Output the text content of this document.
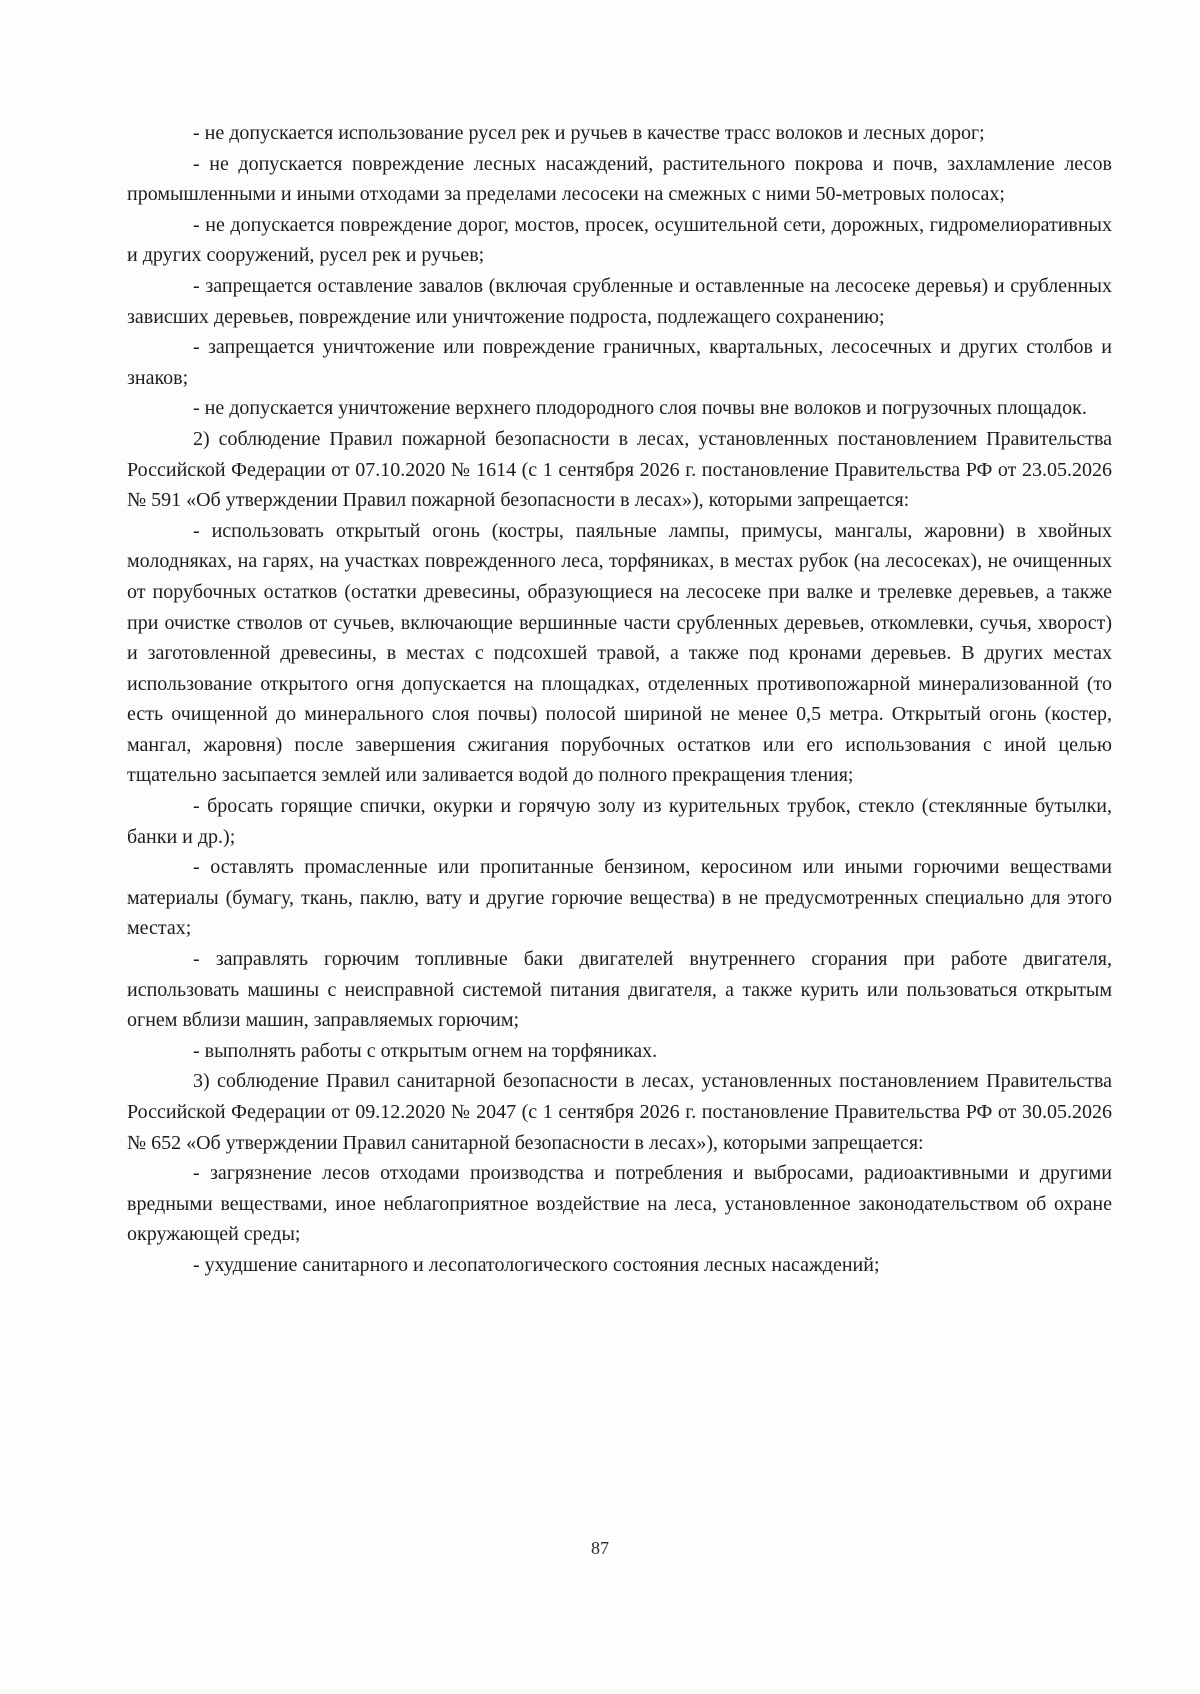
- не допускается использование русел рек и ручьев в качестве трасс волоков и лесных дорог;

- не допускается повреждение лесных насаждений, растительного покрова и почв, захламление лесов промышленными и иными отходами за пределами лесосеки на смежных с ними 50-метровых полосах;

- не допускается повреждение дорог, мостов, просек, осушительной сети, дорожных, гидромелиоративных и других сооружений, русел рек и ручьев;

- запрещается оставление завалов (включая срубленные и оставленные на лесосеке деревья) и срубленных зависших деревьев, повреждение или уничтожение подроста, подлежащего сохранению;

- запрещается уничтожение или повреждение граничных, квартальных, лесосечных и других столбов и знаков;

- не допускается уничтожение верхнего плодородного слоя почвы вне волоков и погрузочных площадок.

2) соблюдение Правил пожарной безопасности в лесах, установленных постановлением Правительства Российской Федерации от 07.10.2020 № 1614 (с 1 сентября 2026 г. постановление Правительства РФ от 23.05.2026 № 591 «Об утверждении Правил пожарной безопасности в лесах»), которыми запрещается:

- использовать открытый огонь (костры, паяльные лампы, примусы, мангалы, жаровни) в хвойных молодняках, на гарях, на участках поврежденного леса, торфяниках, в местах рубок (на лесосеках), не очищенных от порубочных остатков (остатки древесины, образующиеся на лесосеке при валке и трелевке деревьев, а также при очистке стволов от сучьев, включающие вершинные части срубленных деревьев, откомлевки, сучья, хворост) и заготовленной древесины, в местах с подсохшей травой, а также под кронами деревьев. В других местах использование открытого огня допускается на площадках, отделенных противопожарной минерализованной (то есть очищенной до минерального слоя почвы) полосой шириной не менее 0,5 метра. Открытый огонь (костер, мангал, жаровня) после завершения сжигания порубочных остатков или его использования с иной целью тщательно засыпается землей или заливается водой до полного прекращения тления;

- бросать горящие спички, окурки и горячую золу из курительных трубок, стекло (стеклянные бутылки, банки и др.);

- оставлять промасленные или пропитанные бензином, керосином или иными горючими веществами материалы (бумагу, ткань, паклю, вату и другие горючие вещества) в не предусмотренных специально для этого местах;

- заправлять горючим топливные баки двигателей внутреннего сгорания при работе двигателя, использовать машины с неисправной системой питания двигателя, а также курить или пользоваться открытым огнем вблизи машин, заправляемых горючим;

- выполнять работы с открытым огнем на торфяниках.

3) соблюдение Правил санитарной безопасности в лесах, установленных постановлением Правительства Российской Федерации от 09.12.2020 № 2047 (с 1 сентября 2026 г. постановление Правительства РФ от 30.05.2026 № 652 «Об утверждении Правил санитарной безопасности в лесах»), которыми запрещается:

- загрязнение лесов отходами производства и потребления и выбросами, радиоактивными и другими вредными веществами, иное неблагоприятное воздействие на леса, установленное законодательством об охране окружающей среды;

- ухудшение санитарного и лесопатологического состояния лесных насаждений;

87
